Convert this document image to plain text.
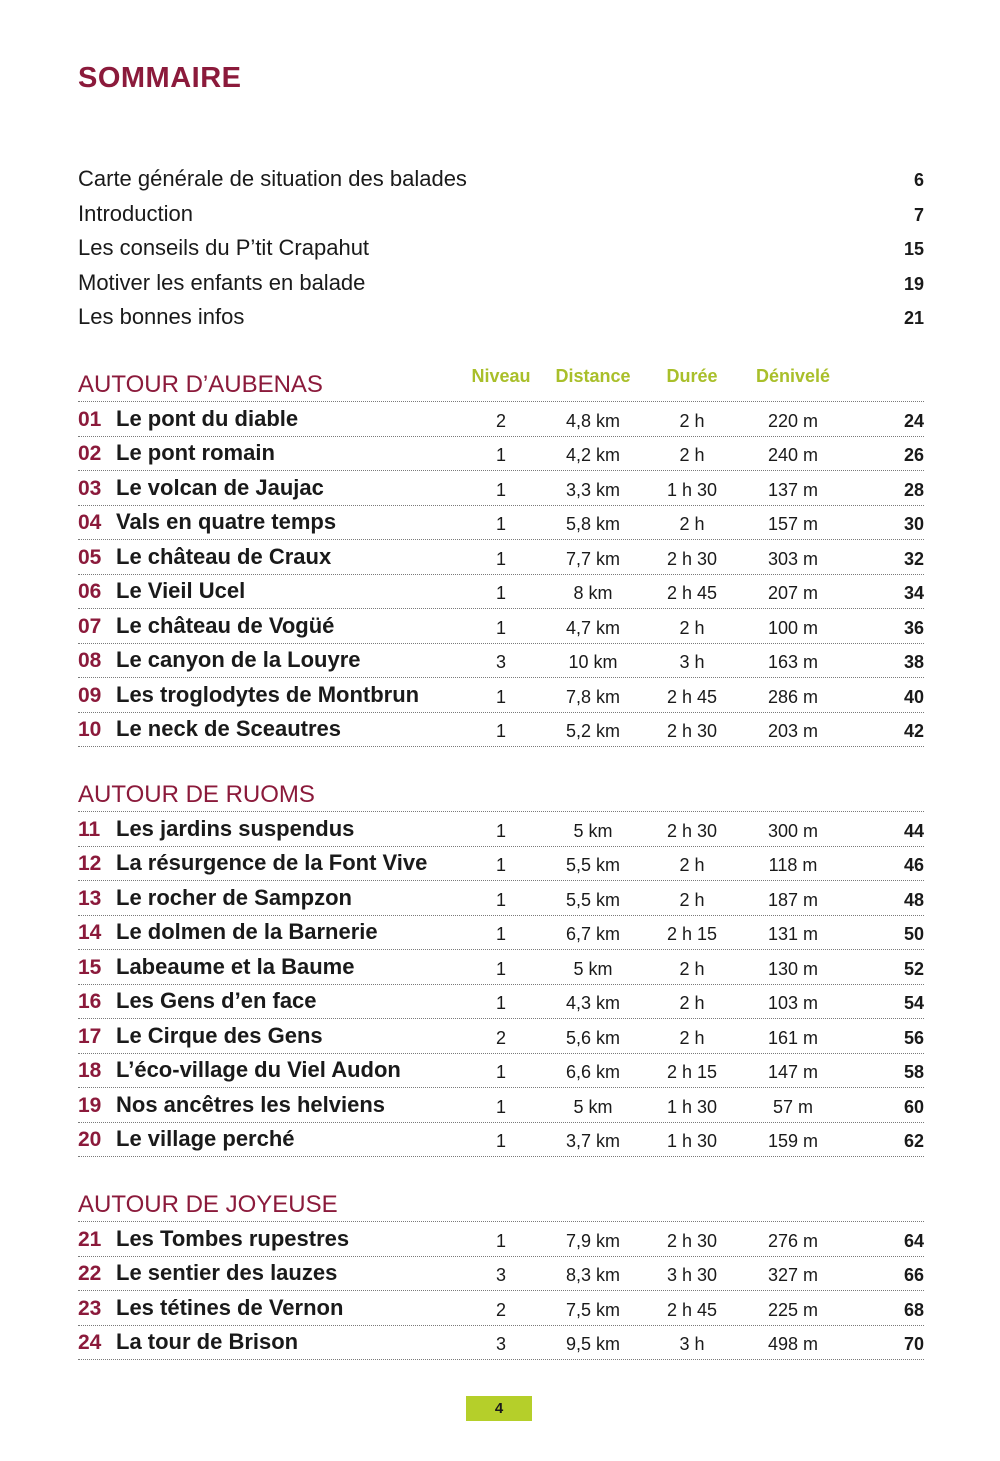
SOMMAIRE
Carte générale de situation des balades	6
Introduction	7
Les conseils du P’tit Crapahut	15
Motiver les enfants en balade	19
Les bonnes infos	21
AUTOUR D’AUBENAS	Niveau Distance Durée Dénivelé
01 Le pont du diable	2	4,8 km	2 h	220 m	24
02 Le pont romain	1	4,2 km	2 h	240 m	26
03 Le volcan de Jaujac	1	3,3 km	1 h 30	137 m	28
04 Vals en quatre temps	1	5,8 km	2 h	157 m	30
05 Le château de Craux	1	7,7 km	2 h 30	303 m	32
06 Le Vieil Ucel	1	8 km	2 h 45	207 m	34
07 Le château de Vogüé	1	4,7 km	2 h	100 m	36
08 Le canyon de la Louyre	3	10 km	3 h	163 m	38
09 Les troglodytes de Montbrun	1	7,8 km	2 h 45	286 m	40
10 Le neck de Sceautres	1	5,2 km	2 h 30	203 m	42
AUTOUR DE RUOMS
11 Les jardins suspendus	1	5 km	2 h 30	300 m	44
12 La résurgence de la Font Vive	1	5,5 km	2 h	118 m	46
13 Le rocher de Sampzon	1	5,5 km	2 h	187 m	48
14 Le dolmen de la Barnerie	1	6,7 km	2 h 15	131 m	50
15 Labeaume et la Baume	1	5 km	2 h	130 m	52
16 Les Gens d’en face	1	4,3 km	2 h	103 m	54
17 Le Cirque des Gens	2	5,6 km	2 h	161 m	56
18 L’éco-village du Viel Audon	1	6,6 km	2 h 15	147 m	58
19 Nos ancêtres les helviens	1	5 km	1 h 30	57 m	60
20 Le village perché	1	3,7 km	1 h 30	159 m	62
AUTOUR DE JOYEUSE
21 Les Tombes rupestres	1	7,9 km	2 h 30	276 m	64
22 Le sentier des lauzes	3	8,3 km	3 h 30	327 m	66
23 Les tétines de Vernon	2	7,5 km	2 h 45	225 m	68
24 La tour de Brison	3	9,5 km	3 h	498 m	70
4
